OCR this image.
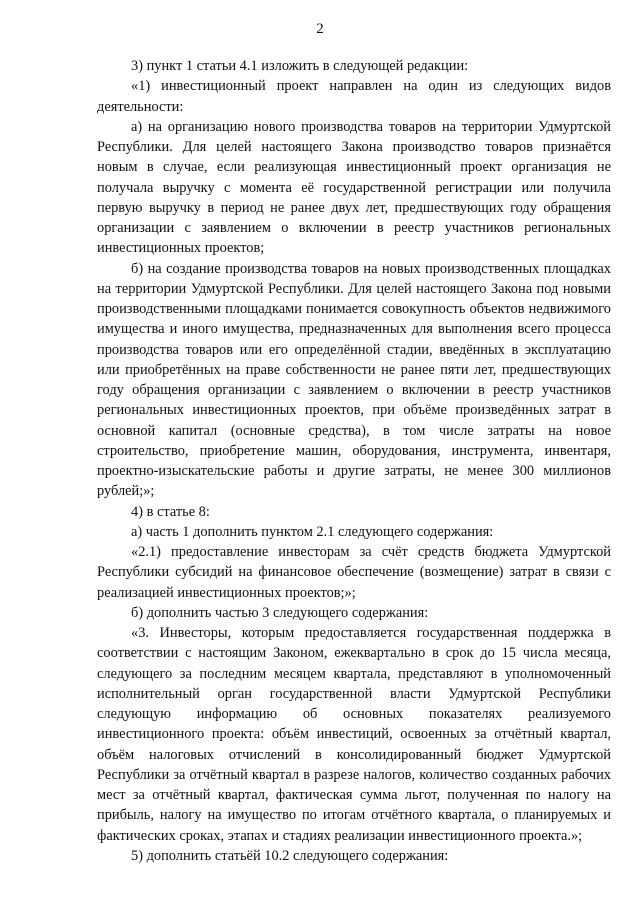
2

3) пункт 1 статьи 4.1 изложить в следующей редакции:

«1) инвестиционный проект направлен на один из следующих видов деятельности:

а) на организацию нового производства товаров на территории Удмуртской Республики. Для целей настоящего Закона производство товаров признаётся новым в случае, если реализующая инвестиционный проект организация не получала выручку с момента её государственной регистрации или получила первую выручку в период не ранее двух лет, предшествующих году обращения организации с заявлением о включении в реестр участников региональных инвестиционных проектов;

б) на создание производства товаров на новых производственных площадках на территории Удмуртской Республики. Для целей настоящего Закона под новыми производственными площадками понимается совокупность объектов недвижимого имущества и иного имущества, предназначенных для выполнения всего процесса производства товаров или его определённой стадии, введённых в эксплуатацию или приобретённых на праве собственности не ранее пяти лет, предшествующих году обращения организации с заявлением о включении в реестр участников региональных инвестиционных проектов, при объёме произведённых затрат в основной капитал (основные средства), в том числе затраты на новое строительство, приобретение машин, оборудования, инструмента, инвентаря, проектно-изыскательские работы и другие затраты, не менее 300 миллионов рублей;»;

4) в статье 8:

а) часть 1 дополнить пунктом 2.1 следующего содержания:

«2.1) предоставление инвесторам за счёт средств бюджета Удмуртской Республики субсидий на финансовое обеспечение (возмещение) затрат в связи с реализацией инвестиционных проектов;»;

б) дополнить частью 3 следующего содержания:

«3. Инвесторы, которым предоставляется государственная поддержка в соответствии с настоящим Законом, ежеквартально в срок до 15 числа месяца, следующего за последним месяцем квартала, представляют в уполномоченный исполнительный орган государственной власти Удмуртской Республики следующую информацию об основных показателях реализуемого инвестиционного проекта: объём инвестиций, освоенных за отчётный квартал, объём налоговых отчислений в консолидированный бюджет Удмуртской Республики за отчётный квартал в разрезе налогов, количество созданных рабочих мест за отчётный квартал, фактическая сумма льгот, полученная по налогу на прибыль, налогу на имущество по итогам отчётного квартала, о планируемых и фактических сроках, этапах и стадиях реализации инвестиционного проекта.»;

5) дополнить статьёй 10.2 следующего содержания:
